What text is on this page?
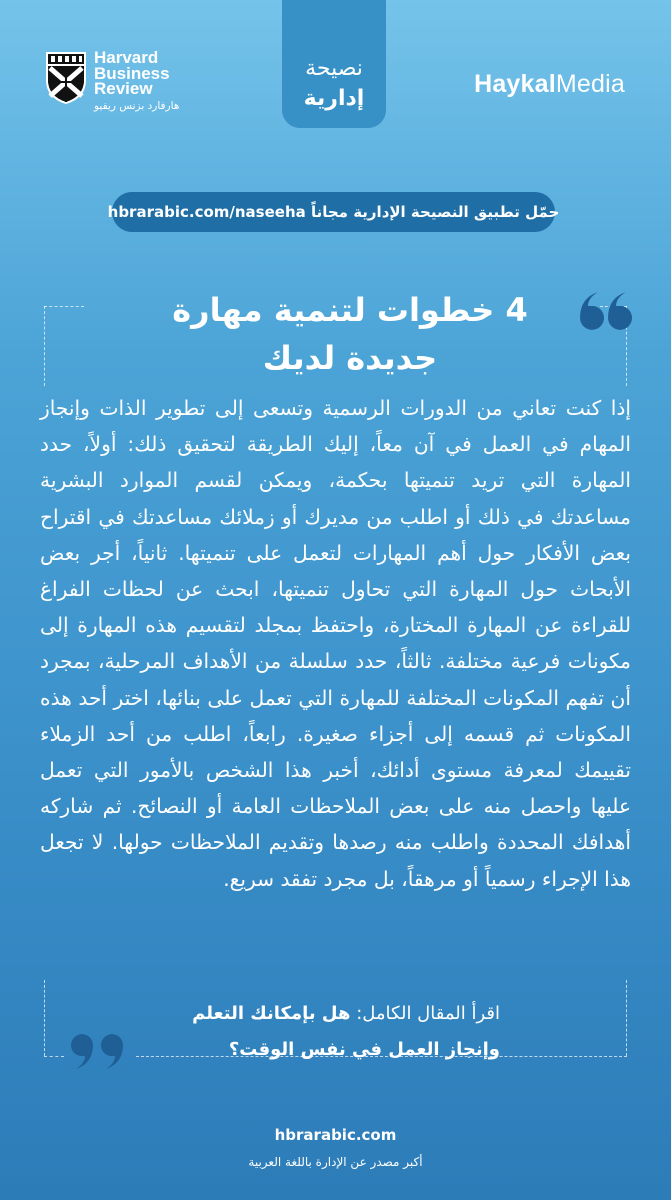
Harvard
Business
Review
هارفارد بزنس ريفيو
نصيحة
إدارية
HaykalMedia
حمّل تطبيق النصيحة الإدارية مجاناً hbrarabic.com/naseeha
4 خطوات لتنمية مهارة
جديدة لديك
إذا كنت تعاني من الدورات الرسمية وتسعى إلى تطوير الذات وإنجاز المهام في العمل في آن معاً، إليك الطريقة لتحقيق ذلك: أولاً، حدد المهارة التي تريد تنميتها بحكمة، ويمكن لقسم الموارد البشرية مساعدتك في ذلك أو اطلب من مديرك أو زملائك مساعدتك في اقتراح بعض الأفكار حول أهم المهارات لتعمل على تنميتها. ثانياً، أجر بعض الأبحاث حول المهارة التي تحاول تنميتها، ابحث عن لحظات الفراغ للقراءة عن المهارة المختارة، واحتفظ بمجلد لتقسيم هذه المهارة إلى مكونات فرعية مختلفة. ثالثاً، حدد سلسلة من الأهداف المرحلية، بمجرد أن تفهم المكونات المختلفة للمهارة التي تعمل على بنائها، اختر أحد هذه المكونات ثم قسمه إلى أجزاء صغيرة. رابعاً، اطلب من أحد الزملاء تقييمك لمعرفة مستوى أدائك، أخبر هذا الشخص بالأمور التي تعمل عليها واحصل منه على بعض الملاحظات العامة أو النصائح. ثم شاركه أهدافك المحددة واطلب منه رصدها وتقديم الملاحظات حولها. لا تجعل هذا الإجراء رسمياً أو مرهقاً، بل مجرد تفقد سريع.
اقرأ المقال الكامل: هل بإمكانك التعلم
وإنجاز العمل في نفس الوقت؟
hbrarabic.com
أكبر مصدر عن الإدارة باللغة العربية
